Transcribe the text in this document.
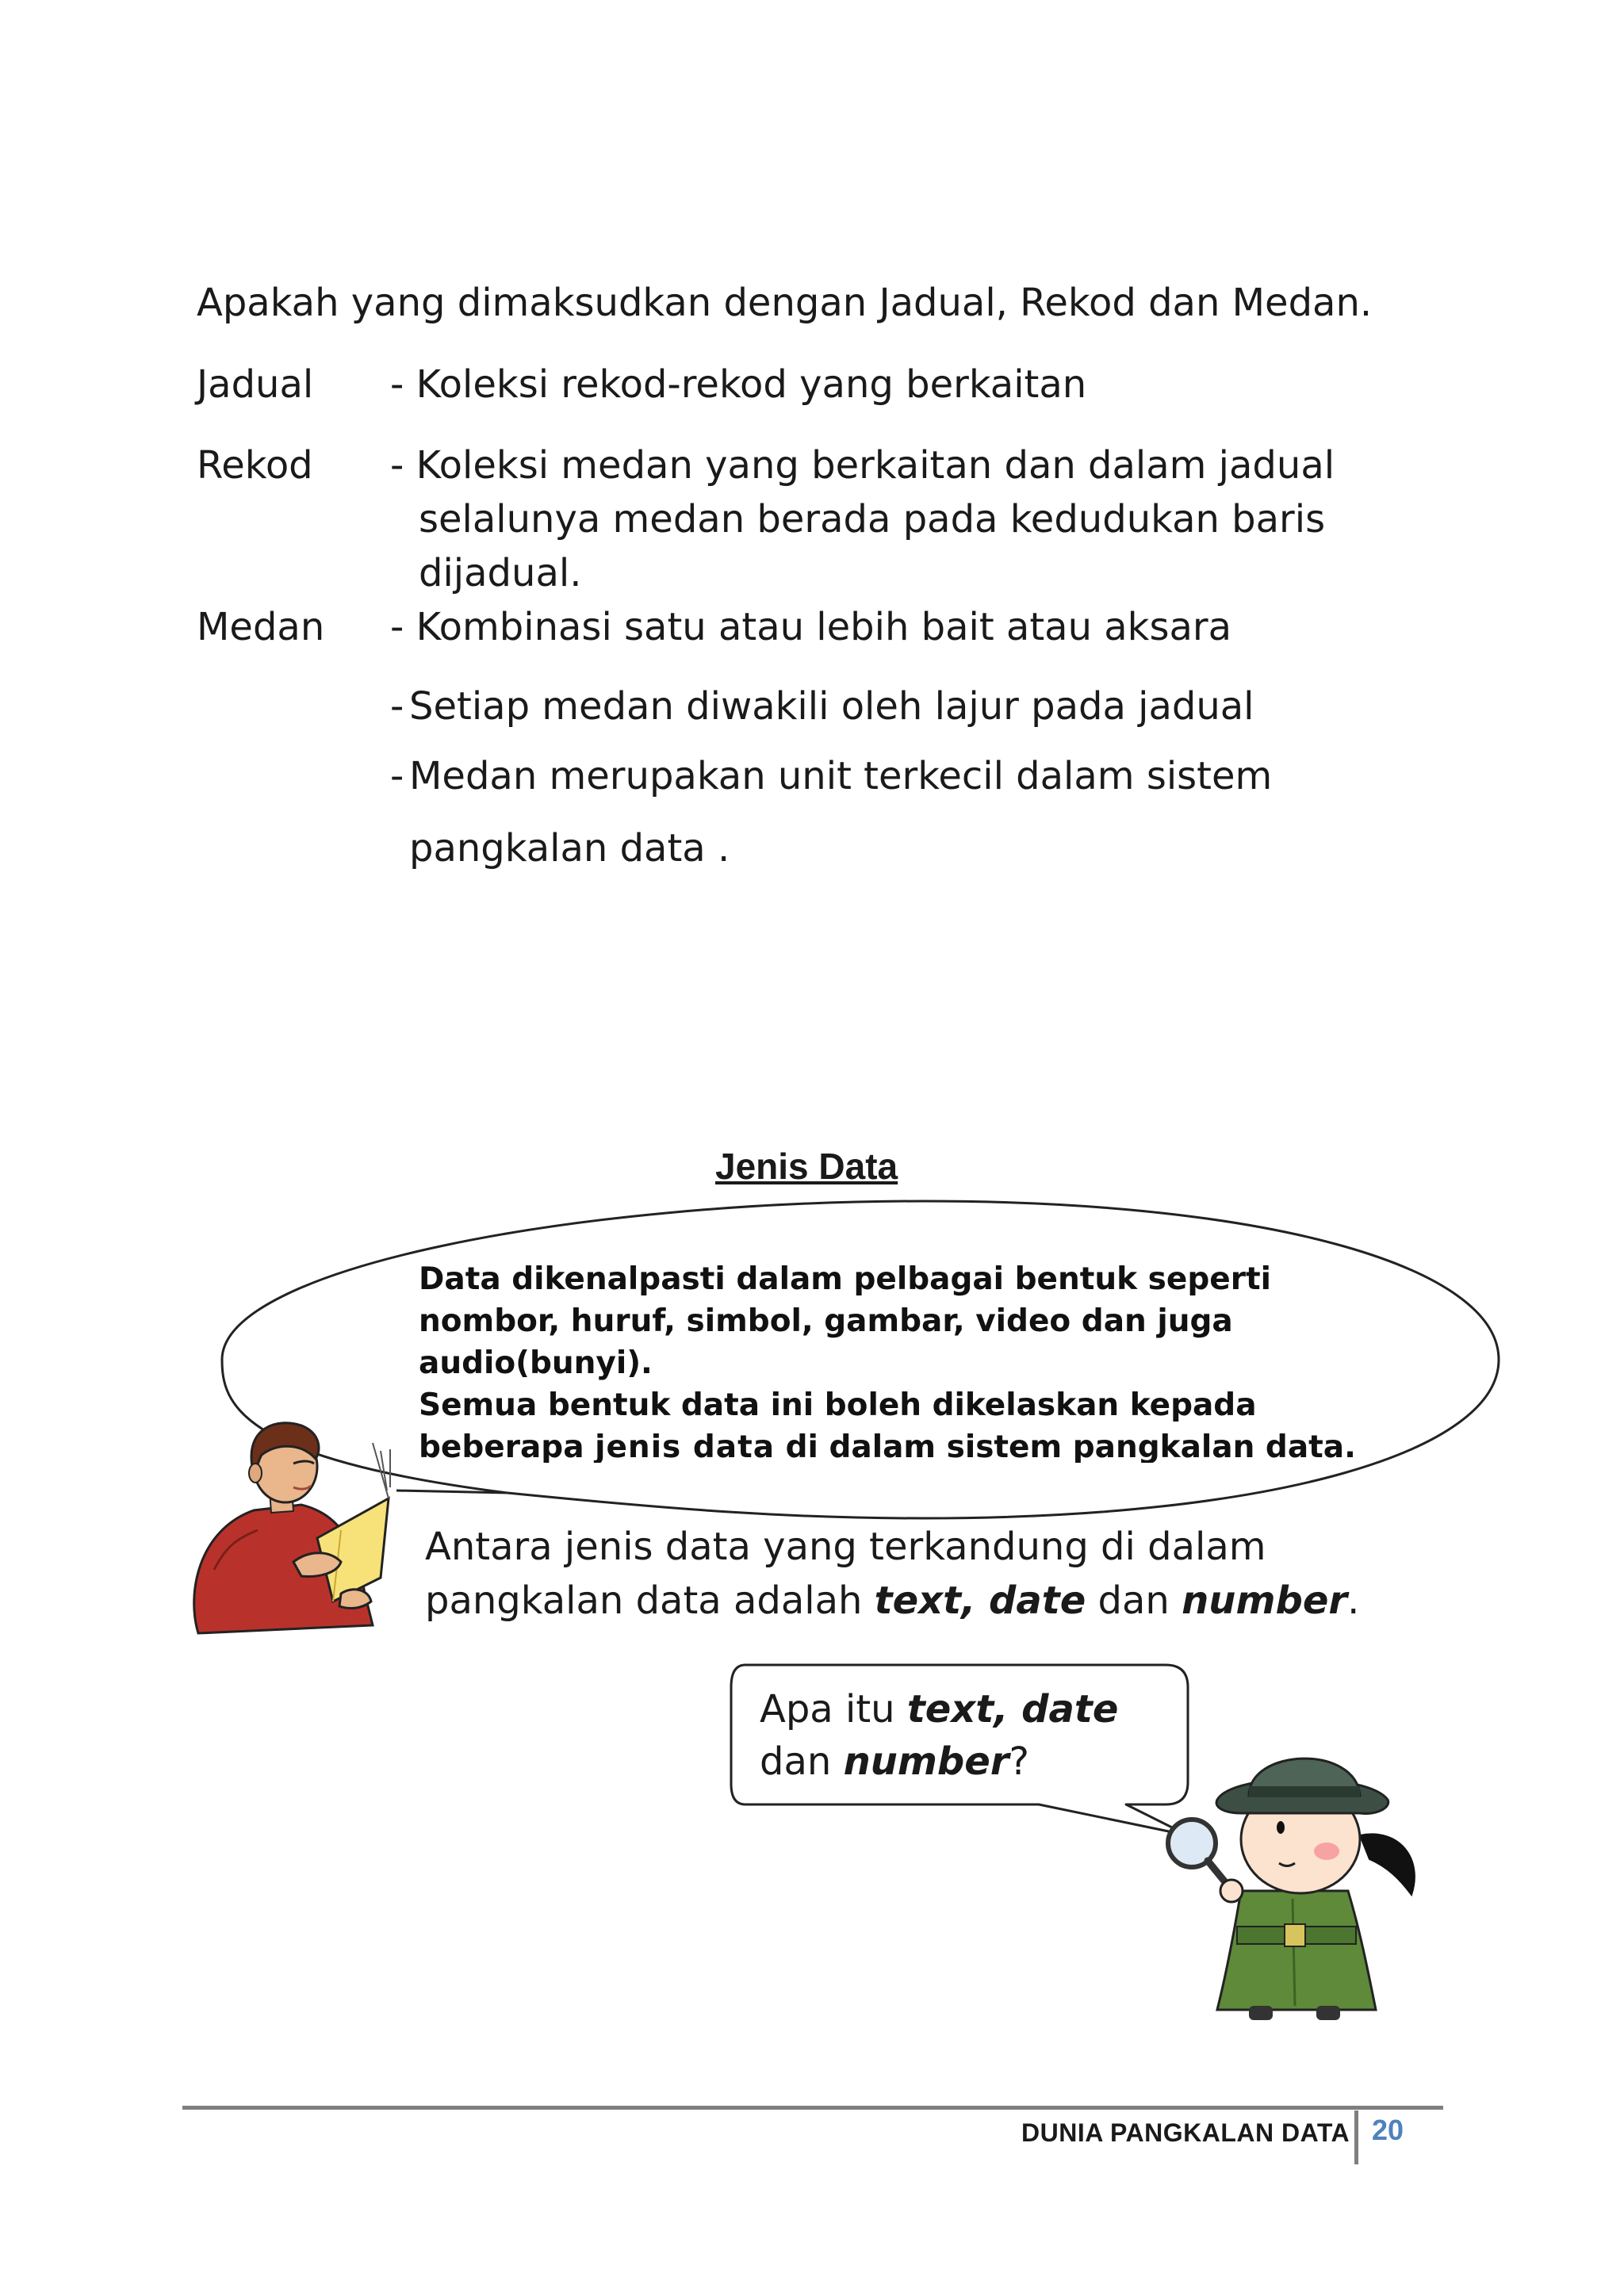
Apakah yang dimaksudkan dengan Jadual, Rekod dan Medan.
Jadual - Koleksi rekod-rekod yang berkaitan
Rekod - Koleksi medan yang berkaitan dan dalam jadual
selalunya medan berada pada kedudukan baris
dijadual.
Medan - Kombinasi satu atau lebih bait atau aksara
- Setiap medan diwakili oleh lajur pada jadual
- Medan merupakan unit terkecil dalam sistem
pangkalan data .
Jenis Data
Data dikenalpasti dalam pelbagai bentuk seperti
nombor, huruf, simbol, gambar, video dan juga
audio(bunyi).
Semua bentuk data ini boleh dikelaskan kepada
beberapa jenis data di dalam sistem pangkalan data.
Antara jenis data yang terkandung di dalam
pangkalan data adalah text, date dan number.
Apa itu text, date
dan number?
DUNIA PANGKALAN DATA 20
